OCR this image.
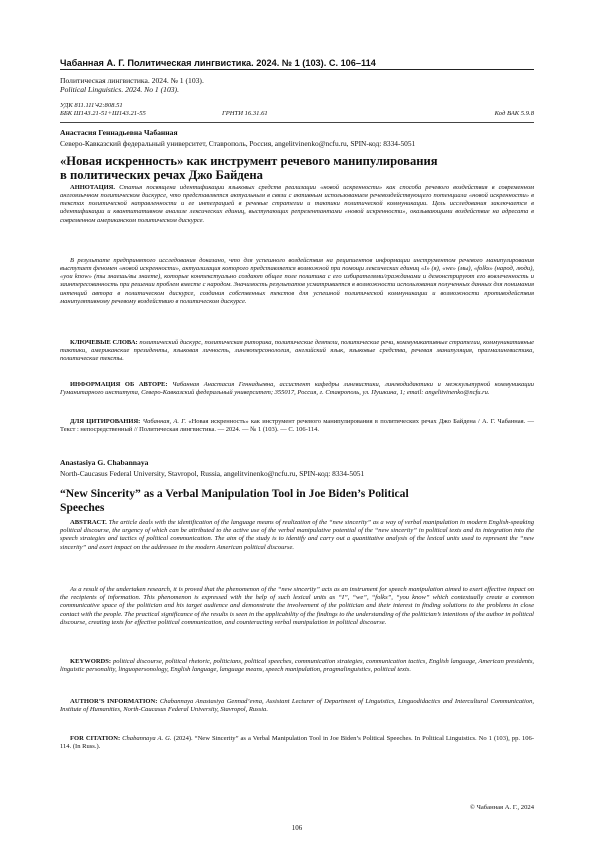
Чабанная А. Г. Политическая лингвистика. 2024. № 1 (103). С. 106–114
Политическая лингвистика. 2024. № 1 (103).
Political Linguistics. 2024. No 1 (103).
УДК 811.111'42:808.51
ББК Ш143.21-51+Ш143.21-55	ГРНТИ 16.31.61	Код ВАК 5.9.8
Анастасия Геннадьевна Чабанная
Северо-Кавказский федеральный университет, Ставрополь, Россия, angelitvinenko@ncfu.ru, SPIN-код: 8334-5051
«Новая искренность» как инструмент речевого манипулирования
в политических речах Джо Байдена
АННОТАЦИЯ. Статья посвящена идентификации языковых средств реализации «новой искренности» как способа речевого воздействия в современном англоязычном политическом дискурсе, что представляется актуальным в связи с активным использованием речевоздействующего потенциала «новой искренности» в текстах политической направленности и ее интеграцией в речевые стратегии и тактики политической коммуникации. Цель исследования заключается в идентификации и квантитативном анализе лексических единиц, выступающих репрезентантами «новой искренности», оказывающими воздействие на адресата в современном американском политическом дискурсе.
В результате предпринятого исследования доказано, что для успешного воздействия на реципиентов информации инструментом речевого манипулирования выступает феномен «новой искренности», актуализация которого представляется возможной при помощи лексических единиц «I» (я), «we» (мы), «folks» (народ, люди), «you know» (ты знаешь/вы знаете), которые контекстуально создают общее поле политика с его избирателями/гражданами и демонстрируют его вовлеченность и заинтересованность при решении проблем вместе с народом. Значимость результатов усматривается в возможности использования полученных данных для понимания интенций автора в политическом дискурсе, создания собственных текстов для успешной политической коммуникации и возможности противодействия манипулятивному речевому воздействию в политическом дискурсе.
КЛЮЧЕВЫЕ СЛОВА: политический дискурс, политическая риторика, политические деятели, политические речи, коммуникативные стратегии, коммуникативные тактики, американские президенты, языковая личность, лингвоперсонология, английский язык, языковые средства, речевая манипуляция, прагмалингвистика, политические тексты.
ИНФОРМАЦИЯ ОБ АВТОРЕ: Чабанная Анастасия Геннадьевна, ассистент кафедры лингвистики, лингводидактики и межкультурной коммуникации Гуманитарного института, Северо-Кавказский федеральный университет; 355017, Россия, г. Ставрополь, ул. Пушкина, 1; email: angelitvinenko@ncfu.ru.
ДЛЯ ЦИТИРОВАНИЯ: Чабанная, А. Г. «Новая искренность» как инструмент речевого манипулирования в политических речах Джо Байдена / А. Г. Чабанная. — Текст : непосредственный // Политическая лингвистика. — 2024. — № 1 (103). — С. 106-114.
Anastasiya G. Chabannaya
North-Caucasus Federal University, Stavropol, Russia, angelitvinenko@ncfu.ru, SPIN-код: 8334-5051
“New Sincerity” as a Verbal Manipulation Tool in Joe Biden’s Political
Speeches
ABSTRACT. The article deals with the identification of the language means of realization of the “new sincerity” as a way of verbal manipulation in modern English-speaking political discourse, the urgency of which can be attributed to the active use of the verbal manipulative potential of the “new sincerity” in political texts and its integration into the speech strategies and tactics of political communication. The aim of the study is to identify and carry out a quantitative analysis of the lexical units used to represent the “new sincerity” and exert impact on the addressee in the modern American political discourse.
As a result of the undertaken research, it is proved that the phenomenon of the “new sincerity” acts as an instrument for speech manipulation aimed to exert effective impact on the recipients of information. This phenomenon is expressed with the help of such lexical units as “I”, “we”, “folks”, “you know” which contextually create a common communicative space of the politician and his target audience and demonstrate the involvement of the politician and their interest in finding solutions to the problems in close contact with the people. The practical significance of the results is seen in the applicability of the findings to the understanding of the politician’s intentions of the author in political discourse, creating texts for effective political communication, and counteracting verbal manipulation in political discourse.
KEYWORDS: political discourse, political rhetoric, politicians, political speeches, communication strategies, communication tactics, English language, American presidents, linguistic personality, linguopersonology, English language, language means, speech manipulation, pragmalinguistics, political texts.
AUTHOR’S INFORMATION: Chabannaya Anastasiya Gennad’evna, Assistant Lecturer of Department of Linguistics, Linguodidactics and Intercultural Communication, Institute of Humanities, North-Caucasus Federal University, Stavropol, Russia.
FOR CITATION: Chabannaya A. G. (2024). “New Sincerity” as a Verbal Manipulation Tool in Joe Biden’s Political Speeches. In Political Linguistics. No 1 (103), pp. 106-114. (In Russ.).
© Чабанная А. Г., 2024
106
